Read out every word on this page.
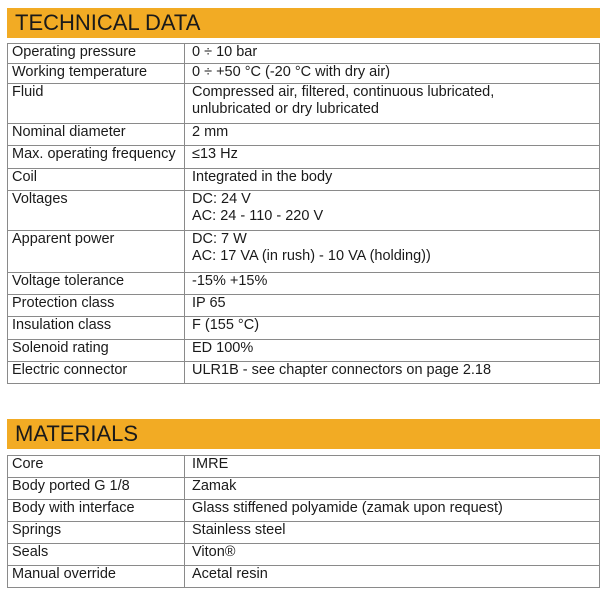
TECHNICAL DATA
Operating pressure	0 ÷ 10 bar

Working temperature	0 ÷ +50 °C (-20 °C with dry air)

Fluid	Compressed air, filtered, continuous lubricated,
unlubricated or dry lubricated

Nominal diameter	2 mm

Max. operating frequency	≤13 Hz

Coil	Integrated in the body

Voltages	DC: 24 V
AC: 24 - 110 - 220 V

Apparent power	DC: 7 W
AC: 17 VA (in rush) - 10 VA (holding))

Voltage tolerance	-15% +15%

Protection class	IP 65

Insulation class	F (155 °C)

Solenoid rating	ED 100%

Electric connector	ULR1B - see chapter connectors on page 2.18
MATERIALS
Core	IMRE

Body ported G 1/8	Zamak

Body with interface	Glass stiffened polyamide (zamak upon request)

Springs	Stainless steel

Seals	Viton®

Manual override	Acetal resin
